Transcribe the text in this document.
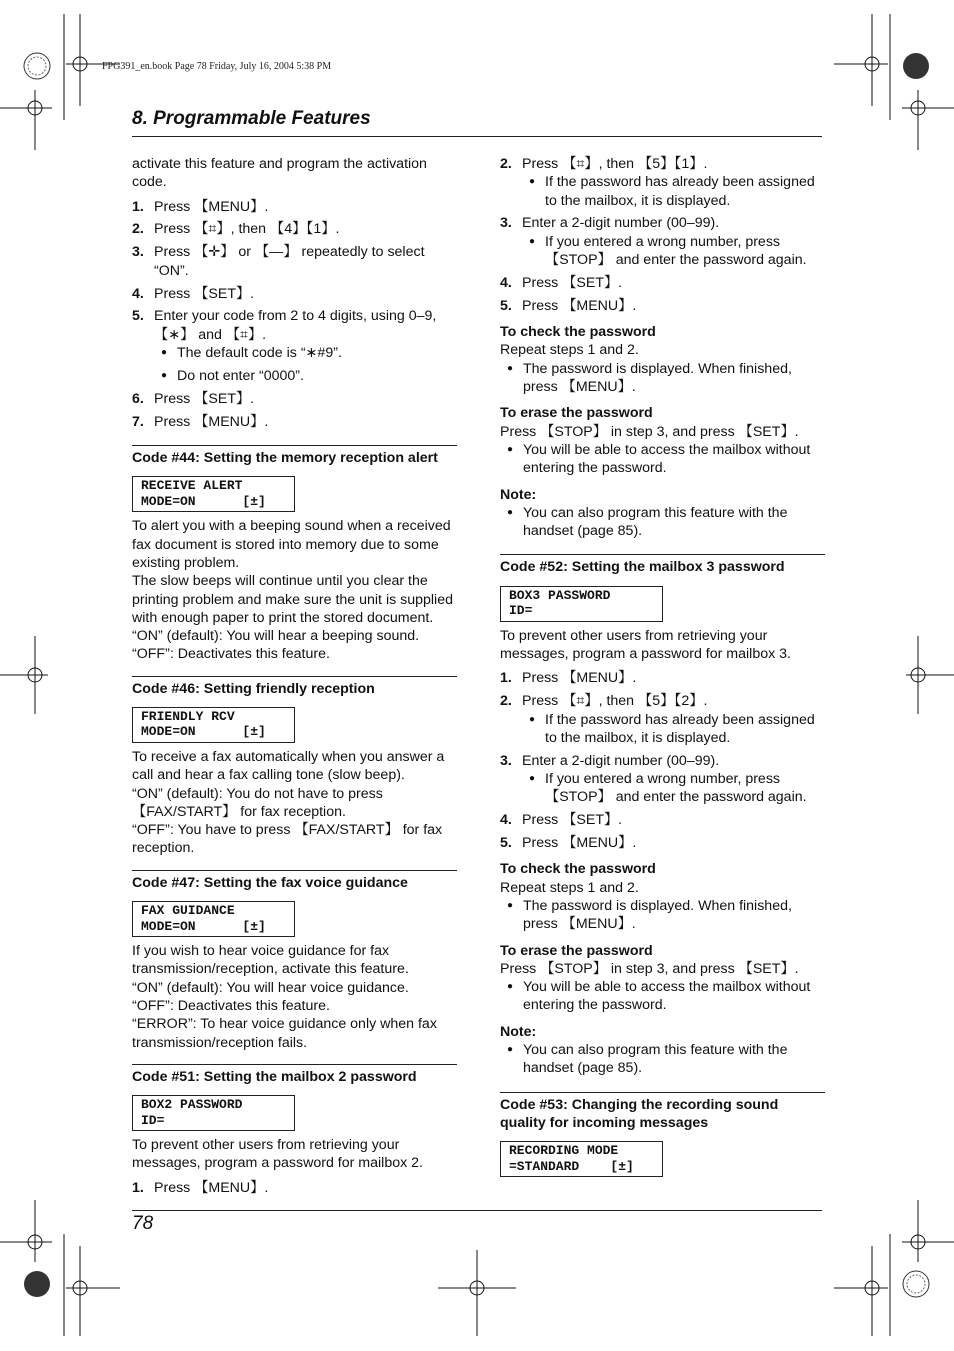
FPG391_en.book Page 78 Friday, July 16, 2004 5:38 PM
8. Programmable Features

activate this feature and program the activation code.

1. Press 【MENU】.
2. Press 【⌗】, then 【4】【1】.
3. Press 【✛】 or 【—】 repeatedly to select “ON”.
4. Press 【SET】.
5. Enter your code from 2 to 4 digits, using 0–9, 【∗】 and 【⌗】.
● The default code is “∗#9”.
● Do not enter “0000”.
6. Press 【SET】.
7. Press 【MENU】.
Code #44: Setting the memory reception alert
RECEIVE ALERT
MODE=ON      [±]

To alert you with a beeping sound when a received fax document is stored into memory due to some existing problem.

The slow beeps will continue until you clear the printing problem and make sure the unit is supplied with enough paper to print the stored document.

“ON” (default): You will hear a beeping sound.

“OFF”: Deactivates this feature.

Code #46: Setting friendly reception
FRIENDLY RCV
MODE=ON      [±]

To receive a fax automatically when you answer a call and hear a fax calling tone (slow beep).

“ON” (default): You do not have to press 【FAX/START】 for fax reception.

“OFF”: You have to press 【FAX/START】 for fax reception.

Code #47: Setting the fax voice guidance
FAX GUIDANCE
MODE=ON      [±]

If you wish to hear voice guidance for fax transmission/reception, activate this feature.

“ON” (default): You will hear voice guidance.

“OFF”: Deactivates this feature.

“ERROR”: To hear voice guidance only when fax transmission/reception fails.

Code #51: Setting the mailbox 2 password
BOX2 PASSWORD
ID=

To prevent other users from retrieving your messages, program a password for mailbox 2.

1. Press 【MENU】.
2. Press 【⌗】, then 【5】【1】.
● If the password has already been assigned to the mailbox, it is displayed.
3. Enter a 2-digit number (00–99).
● If you entered a wrong number, press 【STOP】 and enter the password again.
4. Press 【SET】.
5. Press 【MENU】.
To check the password

Repeat steps 1 and 2.

● The password is displayed. When finished, press 【MENU】.
To erase the password

Press 【STOP】 in step 3, and press 【SET】.

● You will be able to access the mailbox without entering the password.
Note:
● You can also program this feature with the handset (page 85).
Code #52: Setting the mailbox 3 password
BOX3 PASSWORD
ID=

To prevent other users from retrieving your messages, program a password for mailbox 3.

1. Press 【MENU】.
2. Press 【⌗】, then 【5】【2】.
● If the password has already been assigned to the mailbox, it is displayed.
3. Enter a 2-digit number (00–99).
● If you entered a wrong number, press 【STOP】 and enter the password again.
4. Press 【SET】.
5. Press 【MENU】.
To check the password

Repeat steps 1 and 2.

● The password is displayed. When finished, press 【MENU】.
To erase the password

Press 【STOP】 in step 3, and press 【SET】.

● You will be able to access the mailbox without entering the password.
Note:
● You can also program this feature with the handset (page 85).
Code #53: Changing the recording sound quality for incoming messages
RECORDING MODE
=STANDARD    [±]
78
